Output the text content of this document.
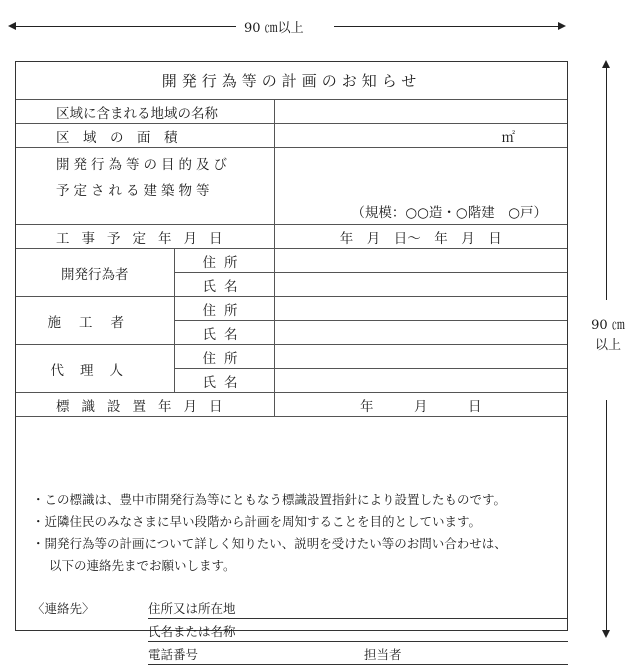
90 ㎝以上
90 ㎝
以上
開発行為等の計画のお知らせ		
区域に含まれる地域の名称		
区　域　の　面　積		㎡

開発行為等の目的及び
予定される建築物等		（規模：○○造・○階建　○戸）
工事予定年月日		年　月　日～　年　月　日
開発行為者	住所	
	氏名	
施工者	住所	
	氏名	
代理人	住所	
	氏名	
標識設置年月日		年　　　月　　　日
・この標識は、豊中市開発行為等にともなう標識設置指針により設置したものです。
・近隣住民のみなさまに早い段階から計画を周知することを目的としています。
・開発行為等の計画について詳しく知りたい、説明を受けたい等のお問い合わせは、
以下の連絡先までお願いします。
〈連絡先〉	住所又は所在地
氏名または名称
電話番号	担当者
